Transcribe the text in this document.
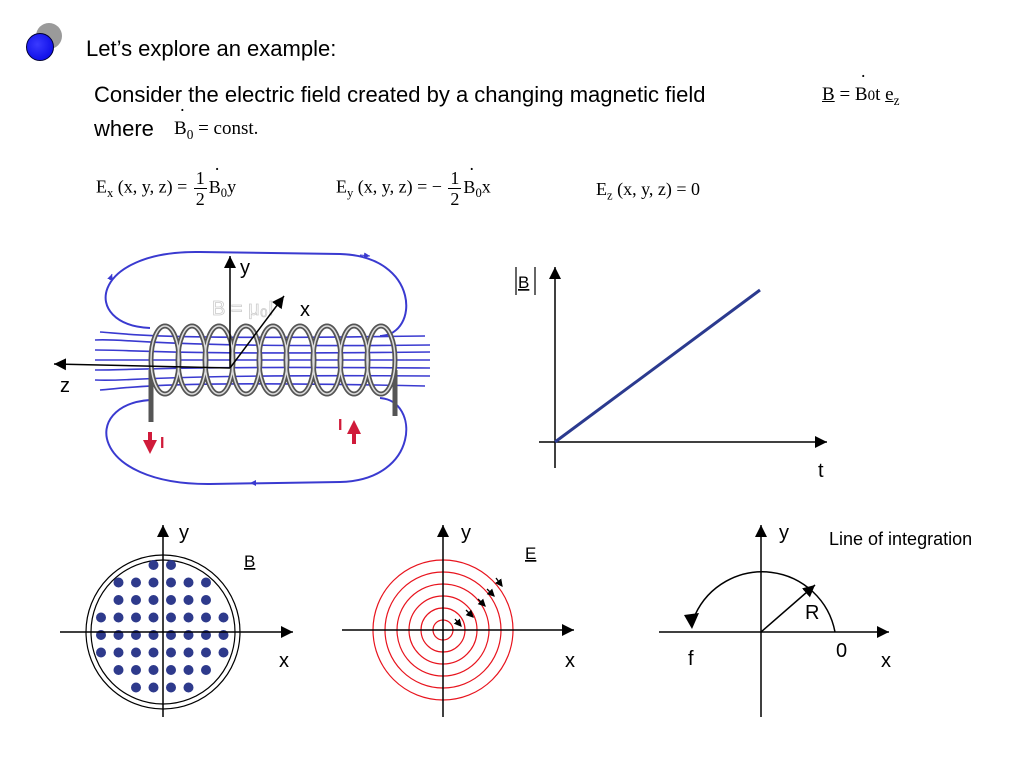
Let’s explore an example:
Consider the electric field created by a changing magnetic field	B = ˙ B0t $e_z$
where ˙ $B_0$ = const.
$E_x$ (x, y, $z) = \frac{1}{2}$ ˙ $B_0y$	$E_y$ (x, y, z) = − $\frac{1}{2}$ ˙ $B_0x$	$E_z$ (x, y, z) = 0
I
I
B = μ₀I
y
x
z
B
t
y
x
B
y
x
E
y
x
R
0
f
Line of integration
